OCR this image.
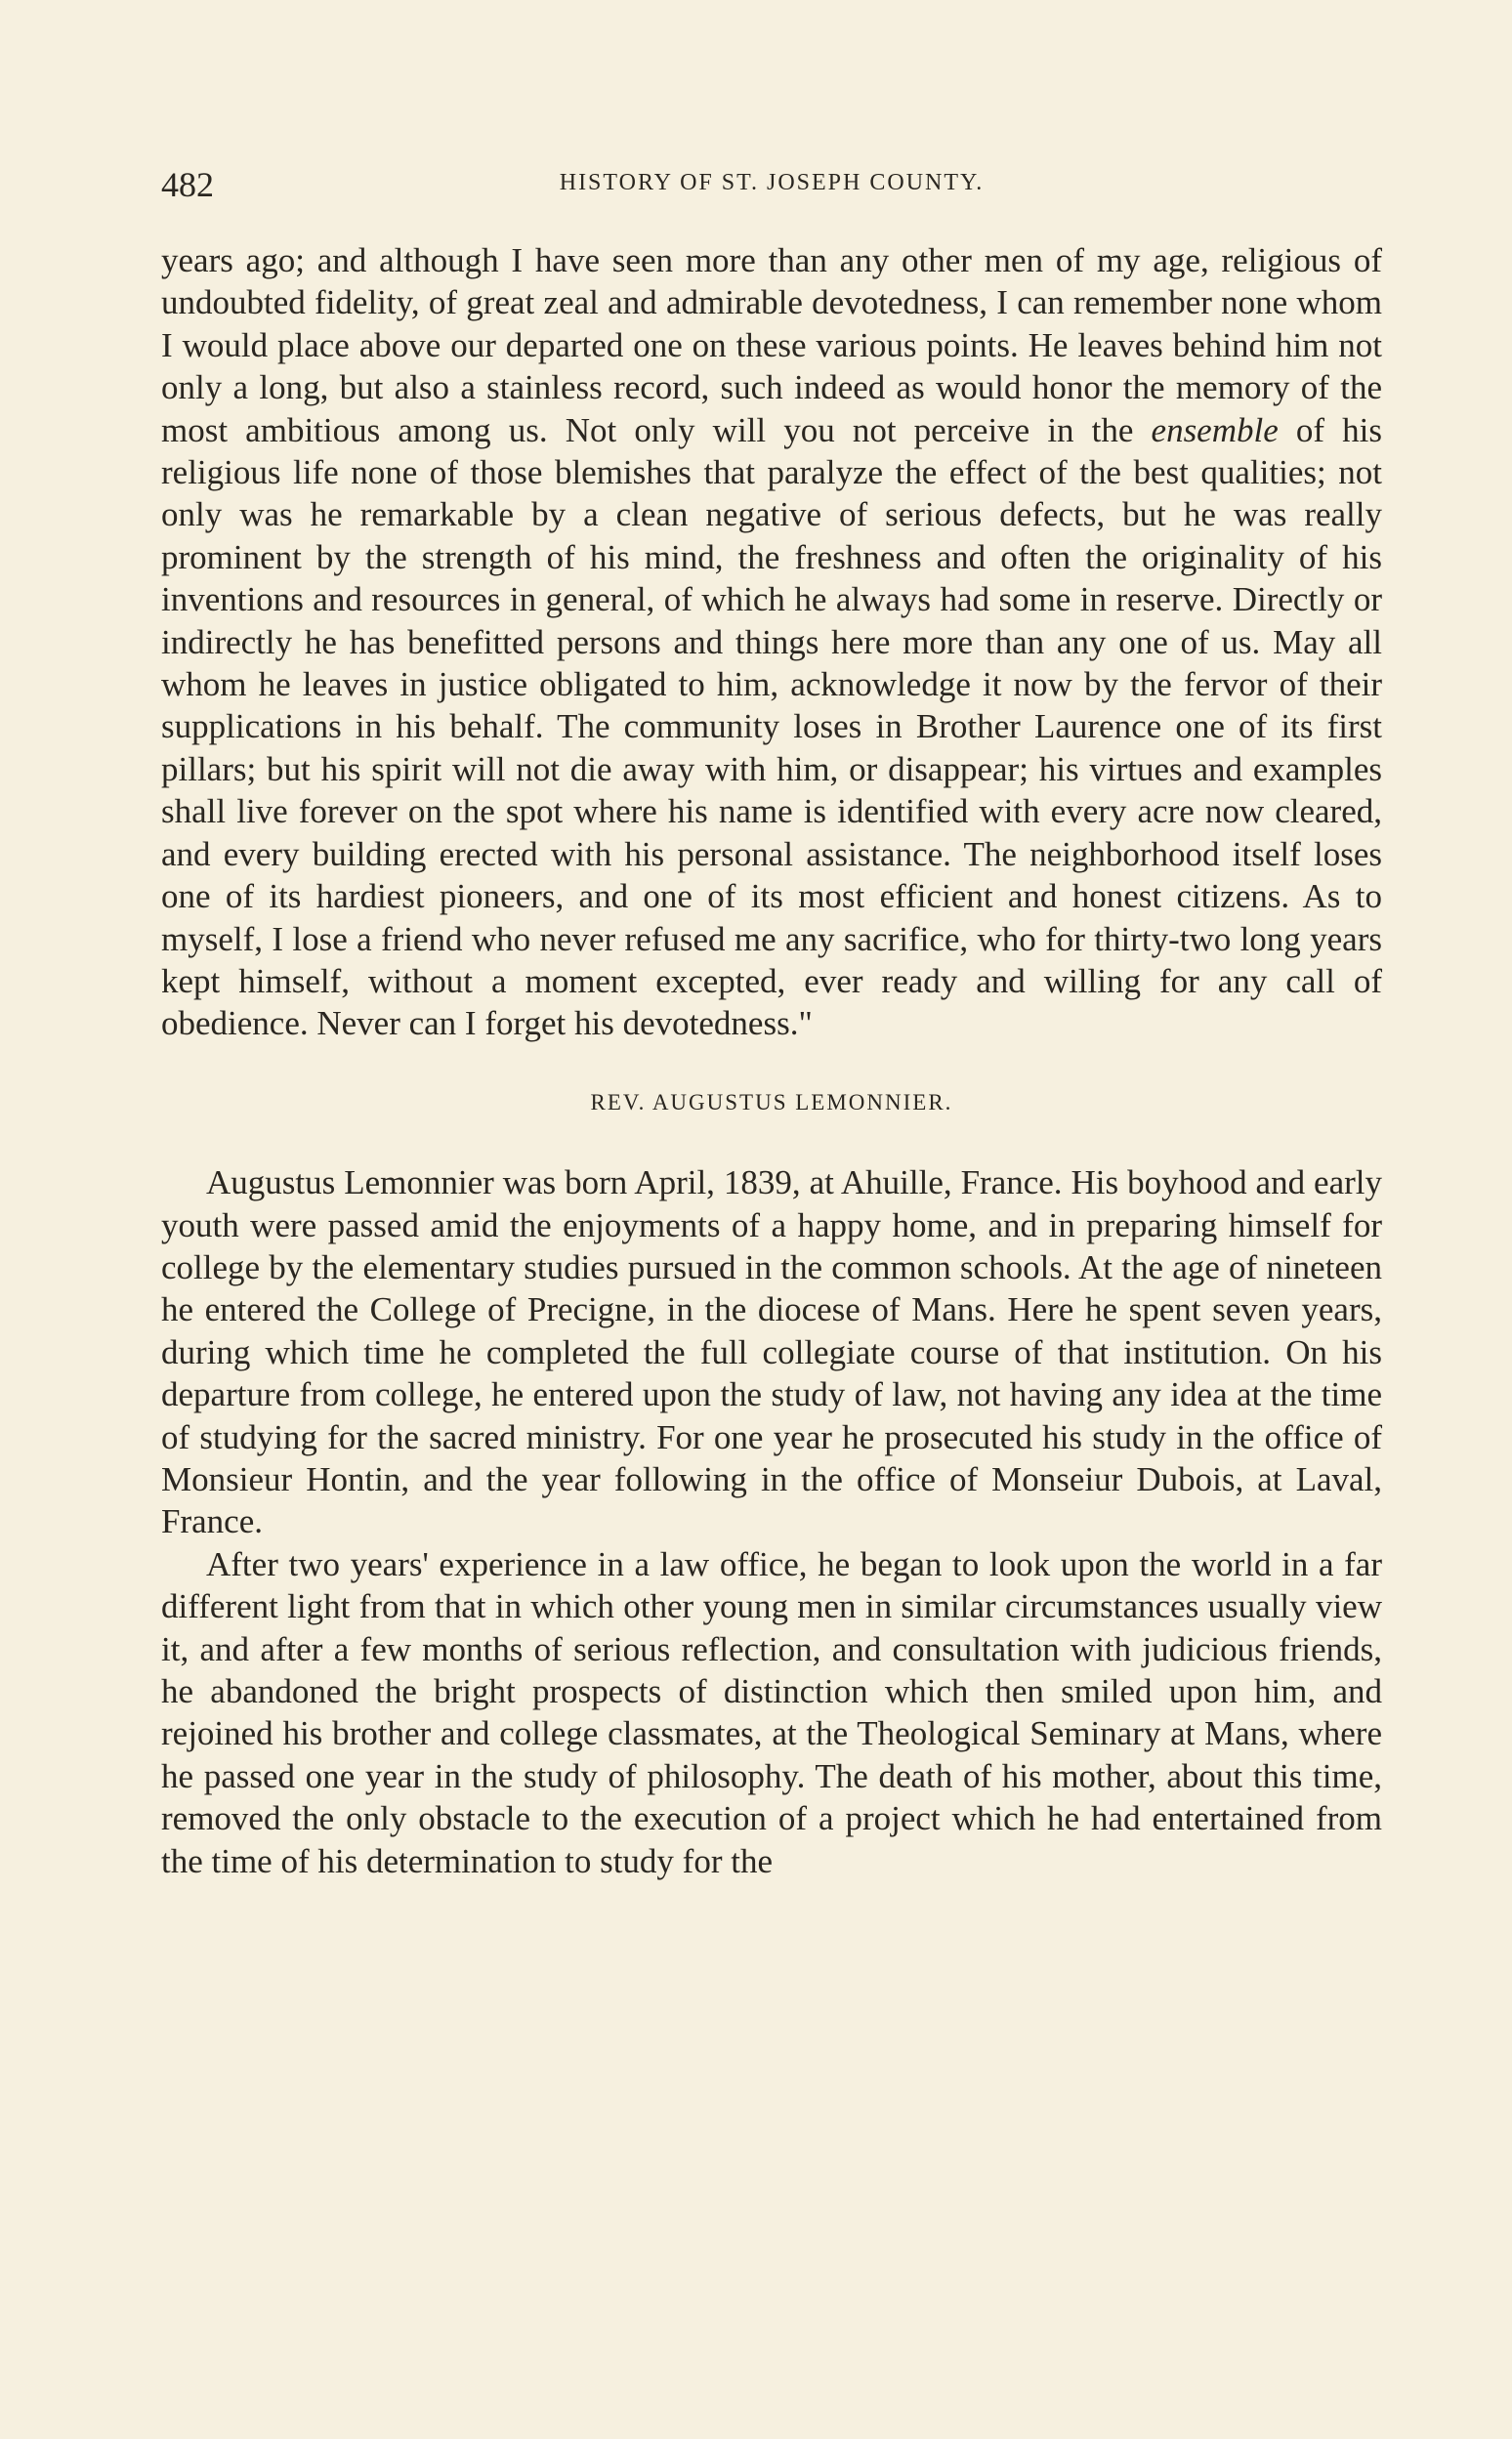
482	HISTORY OF ST. JOSEPH COUNTY.

years ago; and although I have seen more than any other men of my age, religious of undoubted fidelity, of great zeal and admirable devotedness, I can remember none whom I would place above our departed one on these various points. He leaves behind him not only a long, but also a stainless record, such indeed as would honor the memory of the most ambitious among us. Not only will you not perceive in the ensemble of his religious life none of those blemishes that paralyze the effect of the best qualities; not only was he remarkable by a clean negative of serious defects, but he was really prominent by the strength of his mind, the freshness and often the originality of his inventions and resources in general, of which he always had some in reserve. Directly or indirectly he has benefitted persons and things here more than any one of us. May all whom he leaves in justice obligated to him, acknowledge it now by the fervor of their supplications in his behalf. The community loses in Brother Laurence one of its first pillars; but his spirit will not die away with him, or disappear; his virtues and examples shall live forever on the spot where his name is identified with every acre now cleared, and every building erected with his personal assistance. The neighborhood itself loses one of its hardiest pioneers, and one of its most efficient and honest citizens. As to myself, I lose a friend who never refused me any sacrifice, who for thirty-two long years kept himself, without a moment excepted, ever ready and willing for any call of obedience. Never can I forget his devotedness."

REV. AUGUSTUS LEMONNIER.

Augustus Lemonnier was born April, 1839, at Ahuille, France. His boyhood and early youth were passed amid the enjoyments of a happy home, and in preparing himself for college by the elementary studies pursued in the common schools. At the age of nineteen he entered the College of Precigne, in the diocese of Mans. Here he spent seven years, during which time he completed the full collegiate course of that institution. On his departure from college, he entered upon the study of law, not having any idea at the time of studying for the sacred ministry. For one year he prosecuted his study in the office of Monsieur Hontin, and the year following in the office of Monseiur Dubois, at Laval, France.

After two years' experience in a law office, he began to look upon the world in a far different light from that in which other young men in similar circumstances usually view it, and after a few months of serious reflection, and consultation with judicious friends, he abandoned the bright prospects of distinction which then smiled upon him, and rejoined his brother and college classmates, at the Theological Seminary at Mans, where he passed one year in the study of philosophy. The death of his mother, about this time, removed the only obstacle to the execution of a project which he had entertained from the time of his determination to study for the
